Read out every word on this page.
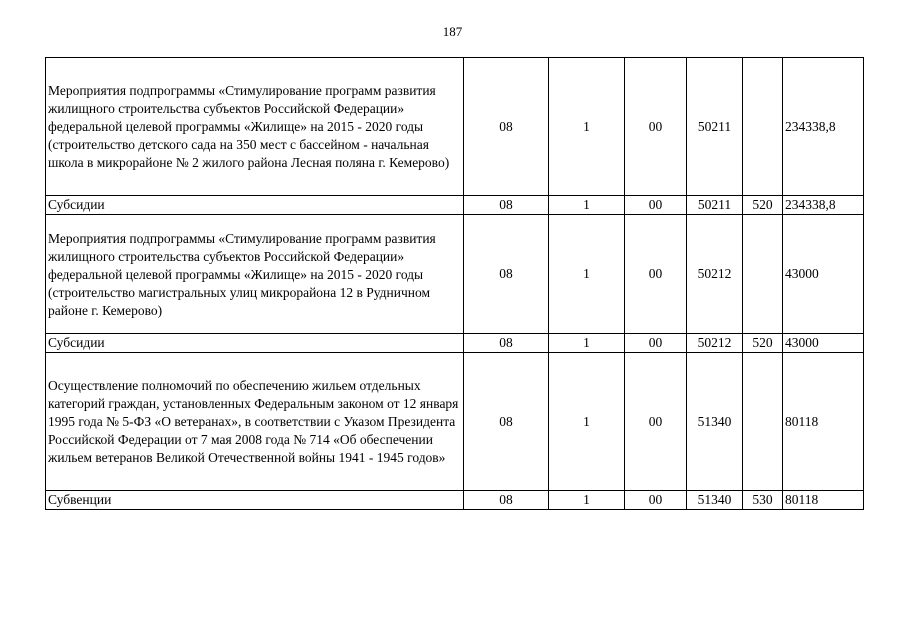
187
Мероприятия подпрограммы «Стимулирование программ развития жилищного строительства субъектов Российской Федерации» федеральной целевой программы «Жилище» на 2015 - 2020 годы (строительство детского сада на 350 мест с бассейном - начальная школа в микрорайоне № 2 жилого района Лесная поляна г. Кемерово)	08	1	00	50211		234338,8
Субсидии	08	1	00	50211	520	234338,8
Мероприятия подпрограммы «Стимулирование программ развития жилищного строительства субъектов Российской Федерации» федеральной целевой программы «Жилище» на 2015 - 2020 годы (строительство магистральных улиц микрорайона 12 в Рудничном районе г. Кемерово)	08	1	00	50212		43000
Субсидии	08	1	00	50212	520	43000
Осуществление полномочий по обеспечению жильем отдельных категорий граждан, установленных Федеральным законом от 12 января 1995 года № 5-ФЗ «О ветеранах», в соответствии с Указом Президента Российской Федерации от 7 мая 2008 года № 714 «Об обеспечении жильем ветеранов Великой Отечественной войны 1941 - 1945 годов»	08	1	00	51340		80118
Субвенции	08	1	00	51340	530	80118
